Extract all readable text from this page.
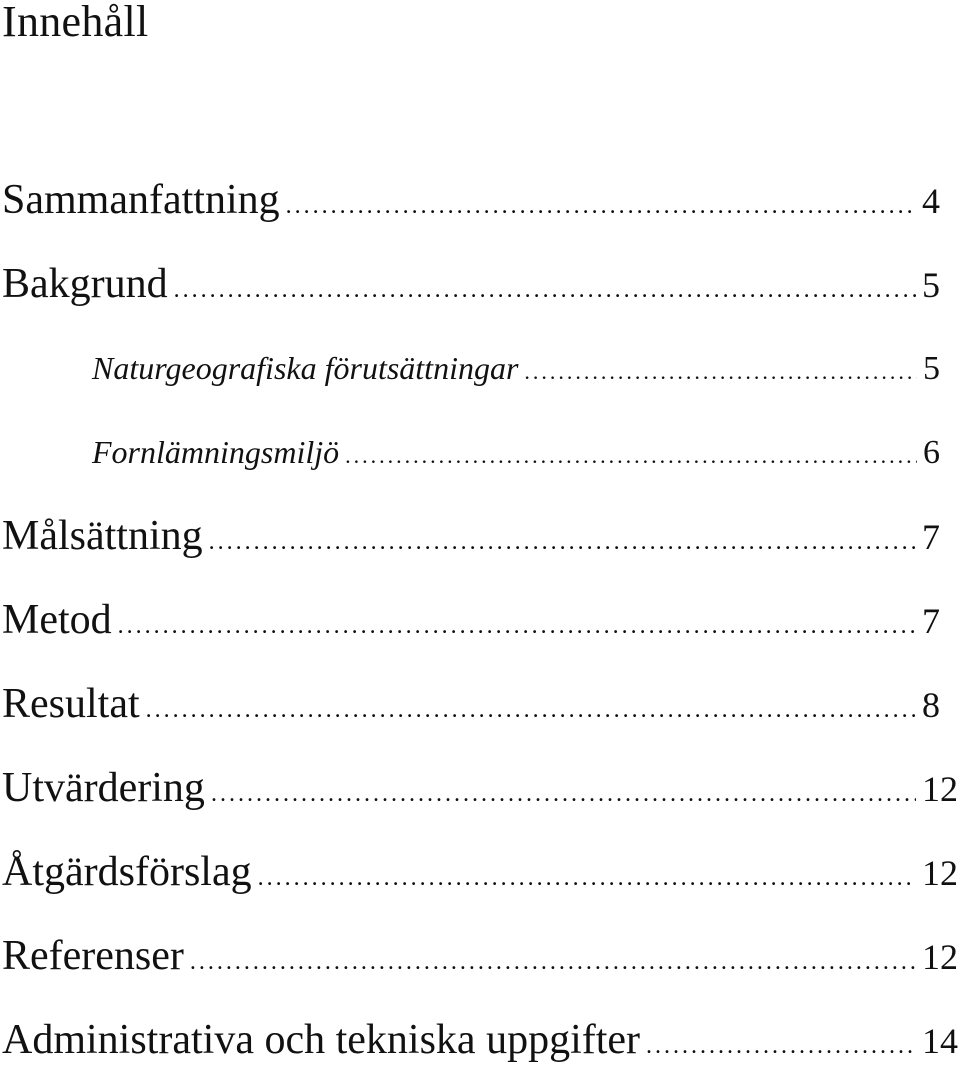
Innehåll
Sammanfattning .....	4
Bakgrund .....	5
Naturgeografiska förutsättningar .....	5
Fornlämningsmiljö .....	6
Målsättning .....	7
Metod .....	7
Resultat .....	8
Utvärdering .....	12
Åtgärdsförslag .....	12
Referenser .....	12
Administrativa och tekniska uppgifter .....	14
